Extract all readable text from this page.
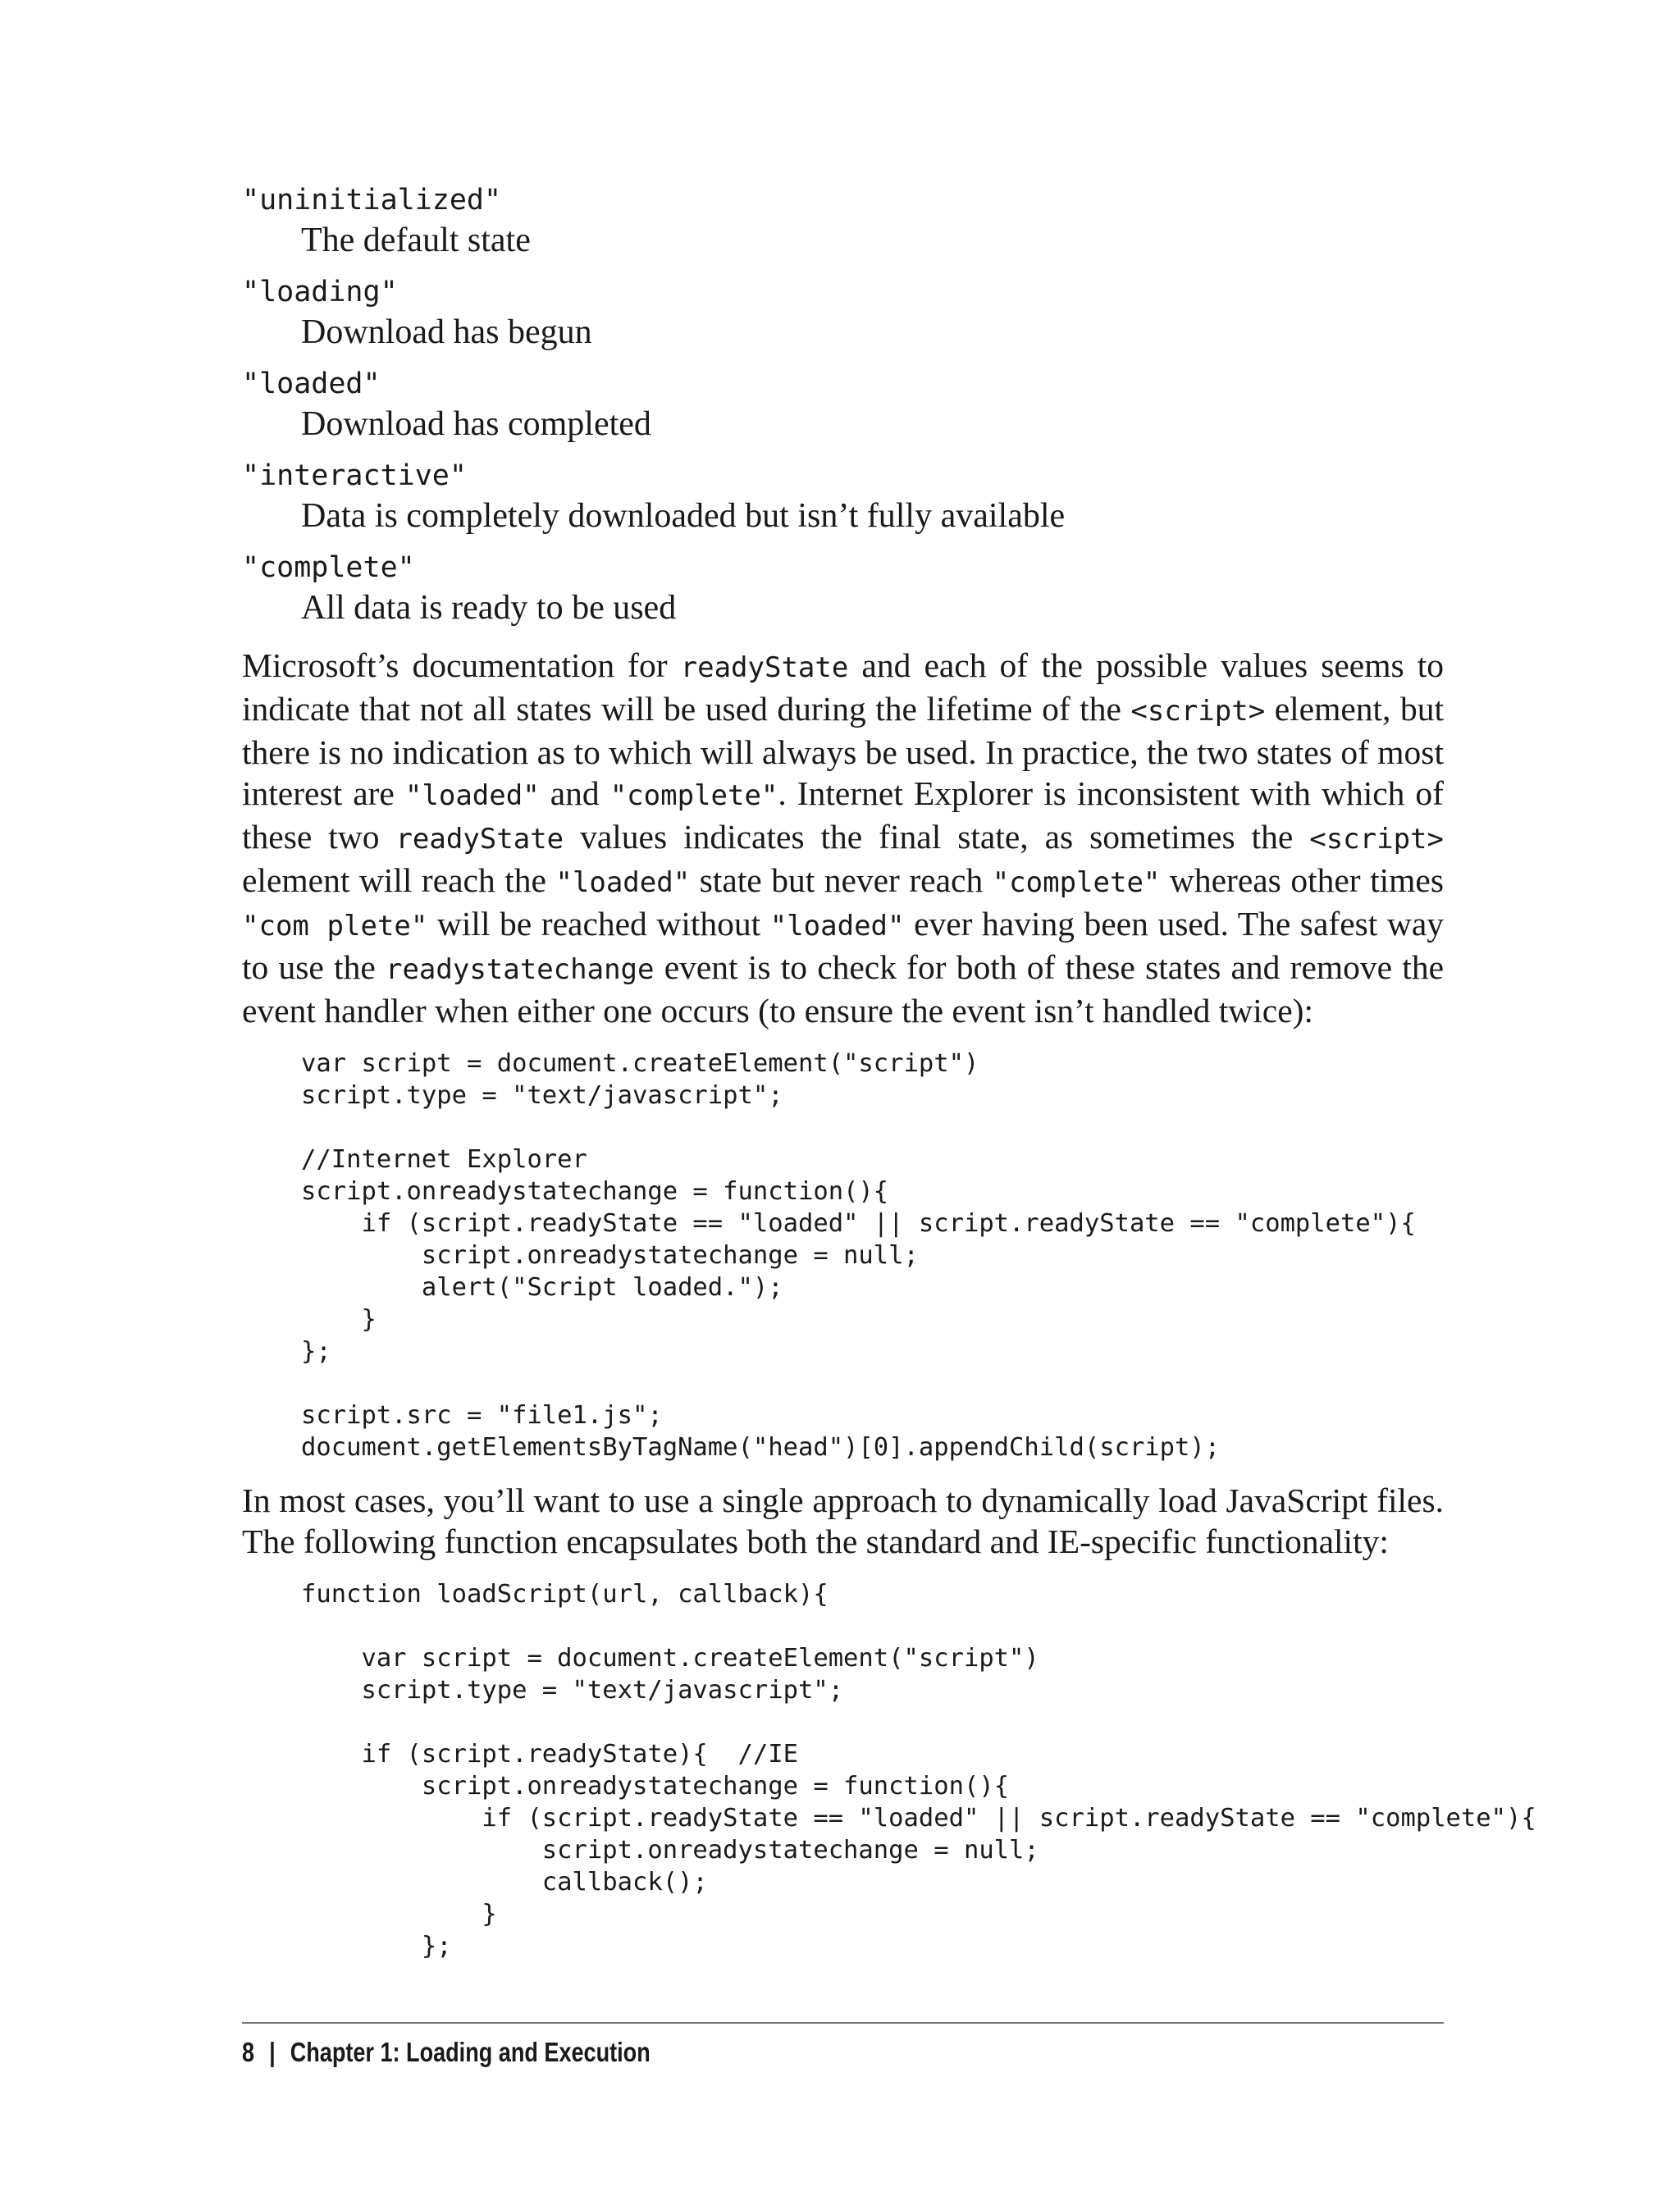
"uninitialized"

The default state

"loading"

Download has begun

"loaded"

Download has completed

"interactive"

Data is completely downloaded but isn’t fully available

"complete"

All data is ready to be used

Microsoft’s documentation for readyState and each of the possible values seems to indicate that not all states will be used during the lifetime of the <script> element, but there is no indication as to which will always be used. In practice, the two states of most interest are "loaded" and "complete". Internet Explorer is inconsistent with which of these two readyState values indicates the final state, as sometimes the <script> element will reach the "loaded" state but never reach "complete" whereas other times "com plete" will be reached without "loaded" ever having been used. The safest way to use the readystatechange event is to check for both of these states and remove the event handler when either one occurs (to ensure the event isn’t handled twice):

var script = document.createElement("script")
script.type = "text/javascript";

//Internet Explorer
script.onreadystatechange = function(){
if (script.readyState == "loaded" || script.readyState == "complete"){
script.onreadystatechange = null;
alert("Script loaded.");
}
};

script.src = "file1.js";
document.getElementsByTagName("head")[0].appendChild(script);

In most cases, you’ll want to use a single approach to dynamically load JavaScript files. The following function encapsulates both the standard and IE-specific functionality:

function loadScript(url, callback){

var script = document.createElement("script")
script.type = "text/javascript";

if (script.readyState){  //IE
script.onreadystatechange = function(){
if (script.readyState == "loaded" || script.readyState == "complete"){
script.onreadystatechange = null;
callback();
}
};
8 | Chapter 1: Loading and Execution
